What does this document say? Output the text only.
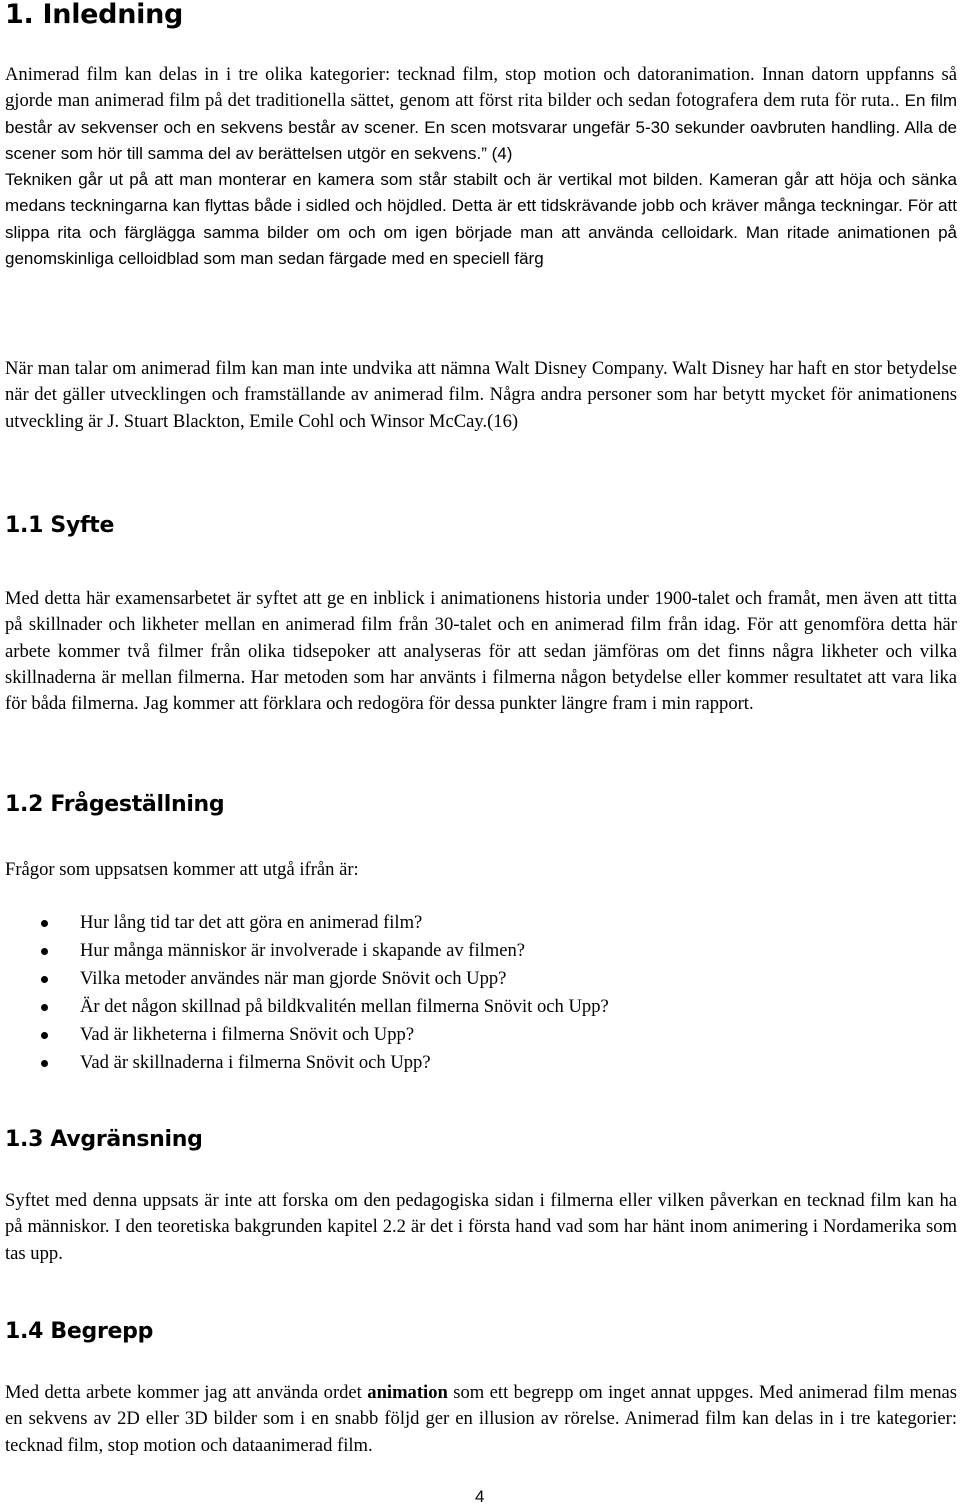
1. Inledning

Animerad film kan delas in i tre olika kategorier: tecknad film, stop motion och datoranimation. Innan datorn uppfanns så gjorde man animerad film på det traditionella sättet, genom att först rita bilder och sedan fotografera dem ruta för ruta.. En film består av sekvenser och en sekvens består av scener. En scen motsvarar ungefär 5-30 sekunder oavbruten handling. Alla de scener som hör till samma del av berättelsen utgör en sekvens.” (4)
Tekniken går ut på att man monterar en kamera som står stabilt och är vertikal mot bilden. Kameran går att höja och sänka medans teckningarna kan flyttas både i sidled och höjdled. Detta är ett tidskrävande jobb och kräver många teckningar. För att slippa rita och färglägga samma bilder om och om igen började man att använda celloidark. Man ritade animationen på genomskinliga celloidblad som man sedan färgade med en speciell färg

När man talar om animerad film kan man inte undvika att nämna Walt Disney Company. Walt Disney har haft en stor betydelse när det gäller utvecklingen och framställande av animerad film. Några andra personer som har betytt mycket för animationens utveckling är J. Stuart Blackton, Emile Cohl och Winsor McCay.(16)

1.1 Syfte

Med detta här examensarbetet är syftet att ge en inblick i animationens historia under 1900-talet och framåt, men även att titta på skillnader och likheter mellan en animerad film från 30-talet och en animerad film från idag. För att genomföra detta här arbete kommer två filmer från olika tidsepoker att analyseras för att sedan jämföras om det finns några likheter och vilka skillnaderna är mellan filmerna. Har metoden som har använts i filmerna någon betydelse eller kommer resultatet att vara lika för båda filmerna. Jag kommer att förklara och redogöra för dessa punkter längre fram i min rapport.

1.2 Frågeställning

Frågor som uppsatsen kommer att utgå ifrån är:

Hur lång tid tar det att göra en animerad film?
Hur många människor är involverade i skapande av filmen?
Vilka metoder användes när man gjorde Snövit och Upp?
Är det någon skillnad på bildkvalitén mellan filmerna Snövit och Upp?
Vad är likheterna i filmerna Snövit och Upp?
Vad är skillnaderna i filmerna Snövit och Upp?
1.3 Avgränsning

Syftet med denna uppsats är inte att forska om den pedagogiska sidan i filmerna eller vilken påverkan en tecknad film kan ha på människor. I den teoretiska bakgrunden kapitel 2.2 är det i första hand vad som har hänt inom animering i Nordamerika som tas upp.

1.4 Begrepp

Med detta arbete kommer jag att använda ordet animation som ett begrepp om inget annat uppges. Med animerad film menas en sekvens av 2D eller 3D bilder som i en snabb följd ger en illusion av rörelse. Animerad film kan delas in i tre kategorier: tecknad film, stop motion och dataanimerad film.

4
